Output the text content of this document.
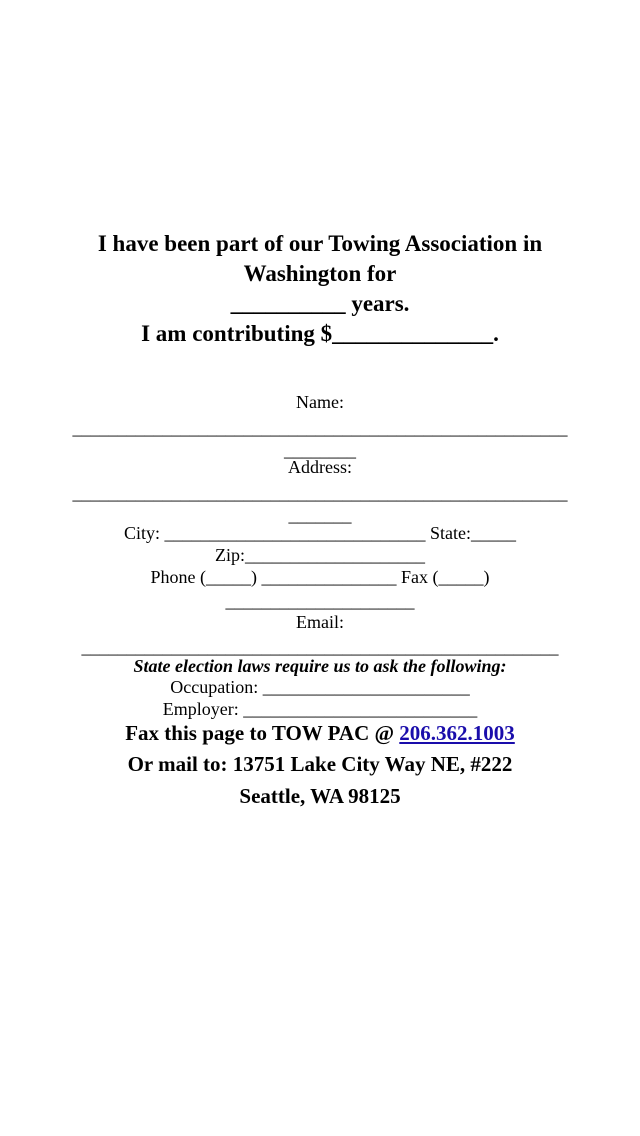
I have been part of our Towing Association in
Washington for
__________ years.
I am contributing $______________.
Name:
_______________________________________________________
________
Address:
_______________________________________________________
_______
City: _____________________________ State:_____
Zip:____________________
Phone (_____) _______________ Fax (_____)
_____________________
Email:
_____________________________________________________
State election laws require us to ask the following:
Occupation: _______________________
Employer: __________________________
Fax this page to TOW PAC @ 206.362.1003
Or mail to: 13751 Lake City Way NE, #222
Seattle, WA 98125
